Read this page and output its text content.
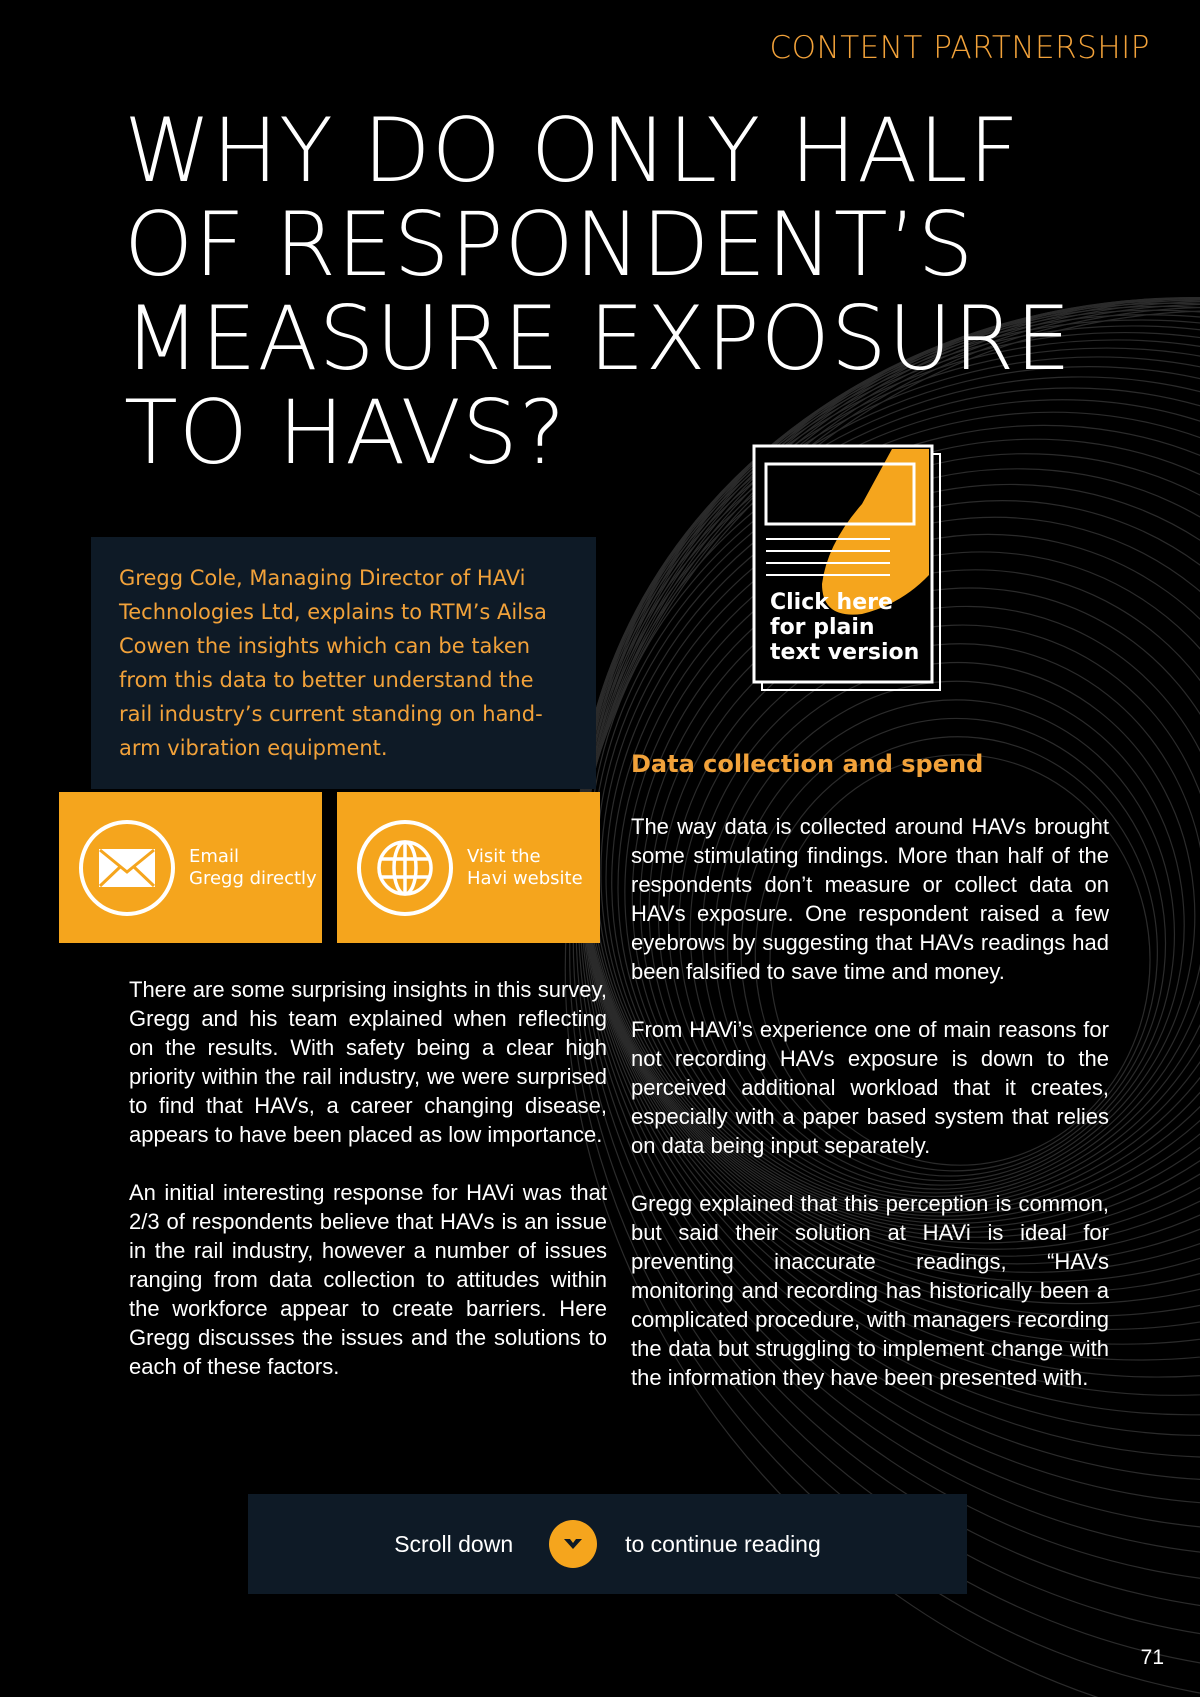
CONTENT PARTNERSHIP
WHY DO ONLY HALF
OF RESPONDENT’S
MEASURE EXPOSURE
TO HAVS?

Gregg Cole, Managing Director of HAVi Technologies Ltd, explains to RTM’s Ailsa Cowen the insights which can be taken from this data to better understand the rail industry’s current standing on hand-arm vibration equipment.

Email
Gregg directly
Visit the
Havi website
Click here
for plain
text version

There are some surprising insights in this survey, Gregg and his team explained when reflecting on the results. With safety being a clear high priority within the rail industry, we were surprised to find that HAVs, a career changing disease, appears to have been placed as low importance.

An initial interesting response for HAVi was that 2/3 of respondents believe that HAVs is an issue in the rail industry, however a number of issues ranging from data collection to attitudes within the workforce appear to create barriers. Here Gregg discusses the issues and the solutions to each of these factors.

Data collection and spend

The way data is collected around HAVs brought some stimulating findings. More than half of the respondents don’t measure or collect data on HAVs exposure. One respondent raised a few eyebrows by suggesting that HAVs readings had been falsified to save time and money.

From HAVi’s experience one of main reasons for not recording HAVs exposure is down to the perceived additional workload that it creates, especially with a paper based system that relies on data being input separately.

Gregg explained that this perception is common, but said their solution at HAVi is ideal for preventing inaccurate readings, “HAVs monitoring and recording has historically been a complicated procedure, with managers recording the data but struggling to implement change with the information they have been presented with.

Scroll down	to continue reading
71
